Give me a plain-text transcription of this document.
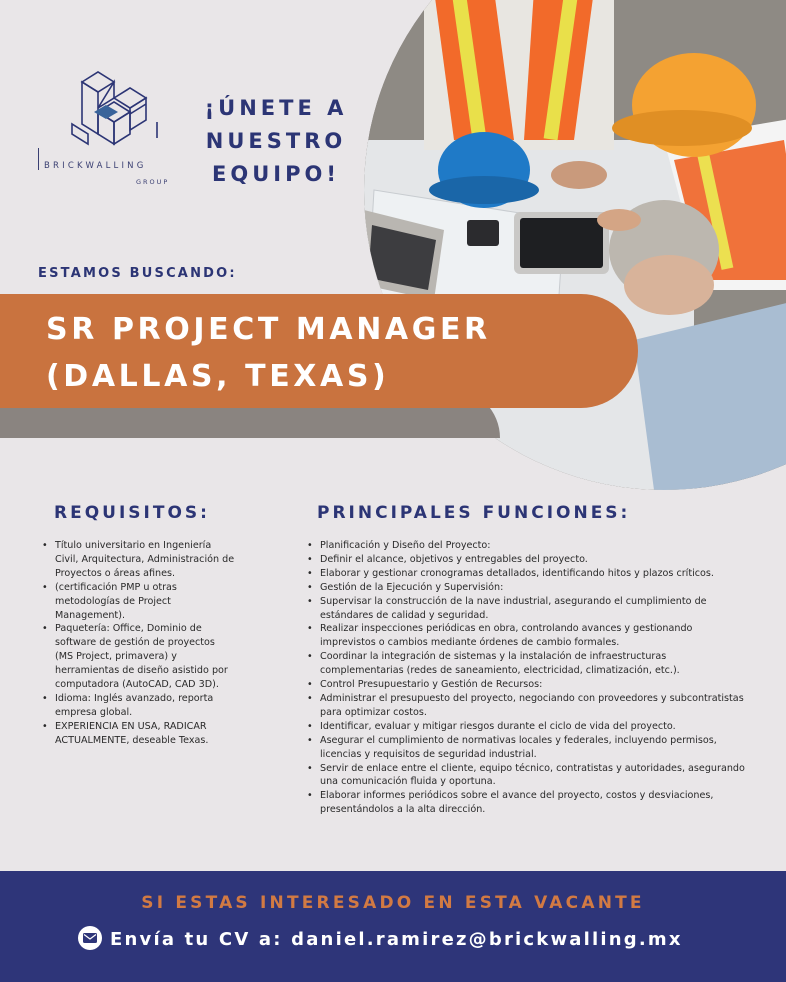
BRICKWALLING
GROUP
¡ÚNETE A NUESTRO EQUIPO!
ESTAMOS BUSCANDO:
SR PROJECT MANAGER
(DALLAS, TEXAS)
REQUISITOS:	PRINCIPALES FUNCIONES:
• Título universitario en Ingeniería Civil, Arquitectura, Administración de Proyectos o áreas afines.
• (certificación PMP u otras metodologías de Project Management).
• Paquetería: Office, Dominio de software de gestión de proyectos (MS Project, primavera) y herramientas de diseño asistido por computadora (AutoCAD, CAD 3D).
• Idioma: Inglés avanzado, reporta empresa global.
• EXPERIENCIA EN USA, RADICAR ACTUALMENTE, deseable Texas.
• Planificación y Diseño del Proyecto:
• Definir el alcance, objetivos y entregables del proyecto.
• Elaborar y gestionar cronogramas detallados, identificando hitos y plazos críticos.
• Gestión de la Ejecución y Supervisión:
• Supervisar la construcción de la nave industrial, asegurando el cumplimiento de estándares de calidad y seguridad.
• Realizar inspecciones periódicas en obra, controlando avances y gestionando imprevistos o cambios mediante órdenes de cambio formales.
• Coordinar la integración de sistemas y la instalación de infraestructuras complementarias (redes de saneamiento, electricidad, climatización, etc.).
• Control Presupuestario y Gestión de Recursos:
• Administrar el presupuesto del proyecto, negociando con proveedores y subcontratistas para optimizar costos.
• Identificar, evaluar y mitigar riesgos durante el ciclo de vida del proyecto.
• Asegurar el cumplimiento de normativas locales y federales, incluyendo permisos, licencias y requisitos de seguridad industrial.
• Servir de enlace entre el cliente, equipo técnico, contratistas y autoridades, asegurando una comunicación fluida y oportuna.
• Elaborar informes periódicos sobre el avance del proyecto, costos y desviaciones, presentándolos a la alta dirección.
SI ESTAS INTERESADO EN ESTA VACANTE
Envía tu CV a: daniel.ramirez@brickwalling.mx
